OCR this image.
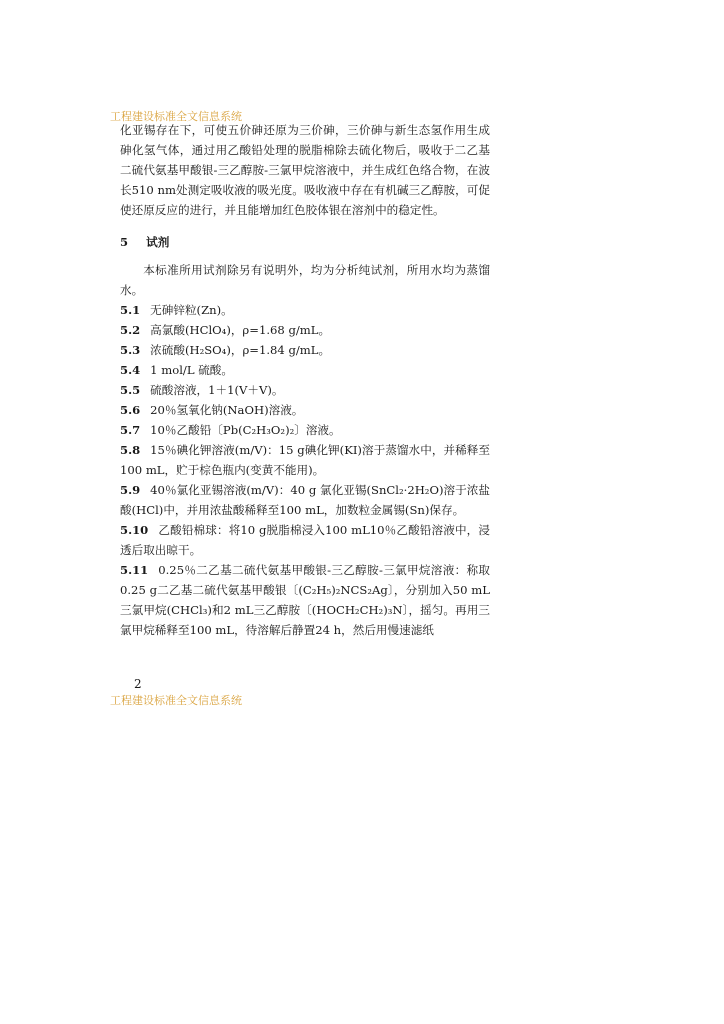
工程建设标准全文信息系统

化亚锡存在下，可使五价砷还原为三价砷，三价砷与新生态氢作用生成砷化氢气体，通过用乙酸铅处理的脱脂棉除去硫化物后，吸收于二乙基二硫代氨基甲酸银-三乙醇胺-三氯甲烷溶液中，并生成红色络合物，在波长510 nm处测定吸收液的吸光度。吸收液中存在有机碱三乙醇胺，可促使还原反应的进行，并且能增加红色胶体银在溶剂中的稳定性。

5 试剂

本标准所用试剂除另有说明外，均为分析纯试剂，所用水均为蒸馏水。

5.1 无砷锌粒(Zn)。

5.2 高氯酸(HClO₄)，ρ=1.68 g/mL。

5.3 浓硫酸(H₂SO₄)，ρ=1.84 g/mL。

5.4 1 mol/L 硫酸。

5.5 硫酸溶液，1＋1(V＋V)。

5.6 20％氢氧化钠(NaOH)溶液。

5.7 10％乙酸铅〔Pb(C₂H₃O₂)₂〕溶液。

5.8 15％碘化钾溶液(m/V)：15 g碘化钾(KI)溶于蒸馏水中，并稀释至100 mL，贮于棕色瓶内(变黄不能用)。

5.9 40％氯化亚锡溶液(m/V)：40 g 氯化亚锡(SnCl₂·2H₂O)溶于浓盐酸(HCl)中，并用浓盐酸稀释至100 mL，加数粒金属锡(Sn)保存。

5.10 乙酸铅棉球：将10 g脱脂棉浸入100 mL10％乙酸铅溶液中，浸透后取出晾干。

5.11 0.25％二乙基二硫代氨基甲酸银-三乙醇胺-三氯甲烷溶液：称取0.25 g二乙基二硫代氨基甲酸银〔(C₂H₅)₂NCS₂Ag〕，分别加入50 mL三氯甲烷(CHCl₃)和2 mL三乙醇胺〔(HOCH₂CH₂)₃N〕，摇匀。再用三氯甲烷稀释至100 mL，待溶解后静置24 h，然后用慢速滤纸

2
工程建设标准全文信息系统
